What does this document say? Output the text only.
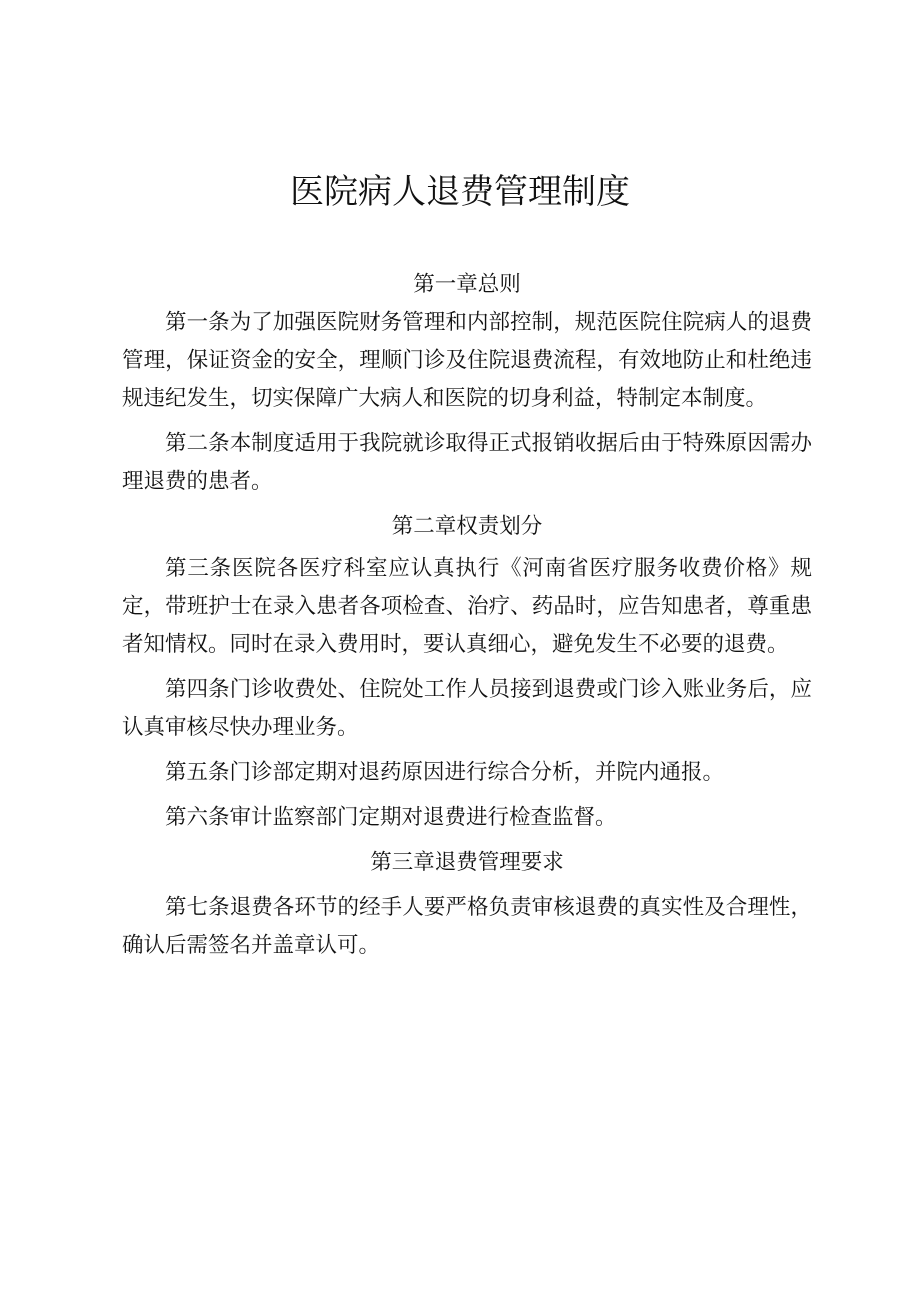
医院病人退费管理制度
第一章总则

第一条为了加强医院财务管理和内部控制，规范医院住院病人的退费管理，保证资金的安全，理顺门诊及住院退费流程，有效地防止和杜绝违规违纪发生，切实保障广大病人和医院的切身利益，特制定本制度。

第二条本制度适用于我院就诊取得正式报销收据后由于特殊原因需办理退费的患者。

第二章权责划分

第三条医院各医疗科室应认真执行《河南省医疗服务收费价格》规定，带班护士在录入患者各项检查、治疗、药品时，应告知患者，尊重患者知情权。同时在录入费用时，要认真细心，避免发生不必要的退费。

第四条门诊收费处、住院处工作人员接到退费或门诊入账业务后，应认真审核尽快办理业务。

第五条门诊部定期对退药原因进行综合分析，并院内通报。

第六条审计监察部门定期对退费进行检查监督。

第三章退费管理要求

第七条退费各环节的经手人要严格负责审核退费的真实性及合理性，确认后需签名并盖章认可。
